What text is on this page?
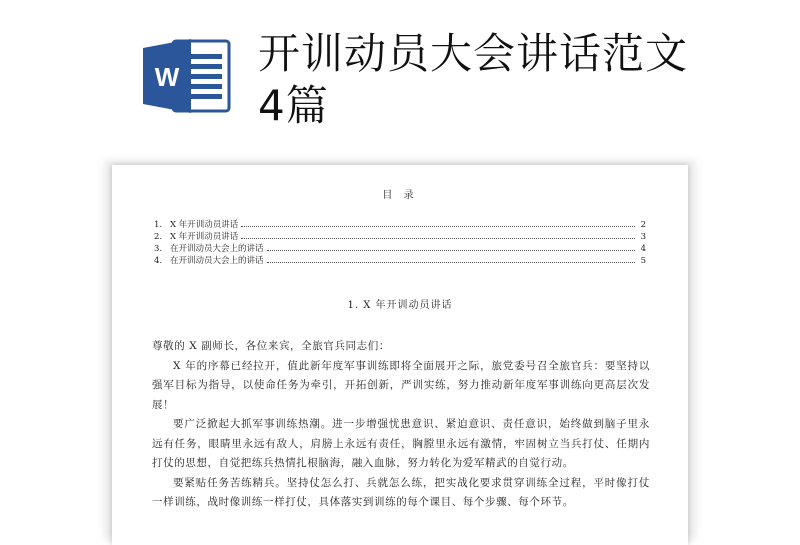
W 开训动员大会讲话范文4篇
目 录
1. X 年开训动员讲话	2
2. X 年开训动员讲话	3
3. 在开训动员大会上的讲话	4
4. 在开训动员大会上的讲话	5
1. X 年开训动员讲话

尊敬的 X 副师长，各位来宾，全旅官兵同志们：

X 年的序幕已经拉开，值此新年度军事训练即将全面展开之际，旅党委号召全旅官兵：要坚持以强军目标为指导，以使命任务为牵引，开拓创新，严训实练，努力推动新年度军事训练向更高层次发展！

要广泛掀起大抓军事训练热潮。进一步增强忧患意识、紧迫意识、责任意识，始终做到脑子里永远有任务，眼睛里永远有敌人，肩膀上永远有责任，胸膛里永远有激情，牢固树立当兵打仗、任期内打仗的思想，自觉把练兵热情扎根脑海，融入血脉，努力转化为爱军精武的自觉行动。

要紧贴任务苦练精兵。坚持仗怎么打、兵就怎么练，把实战化要求贯穿训练全过程，平时像打仗一样训练，战时像训练一样打仗，具体落实到训练的每个课目、每个步骤、每个环节。
